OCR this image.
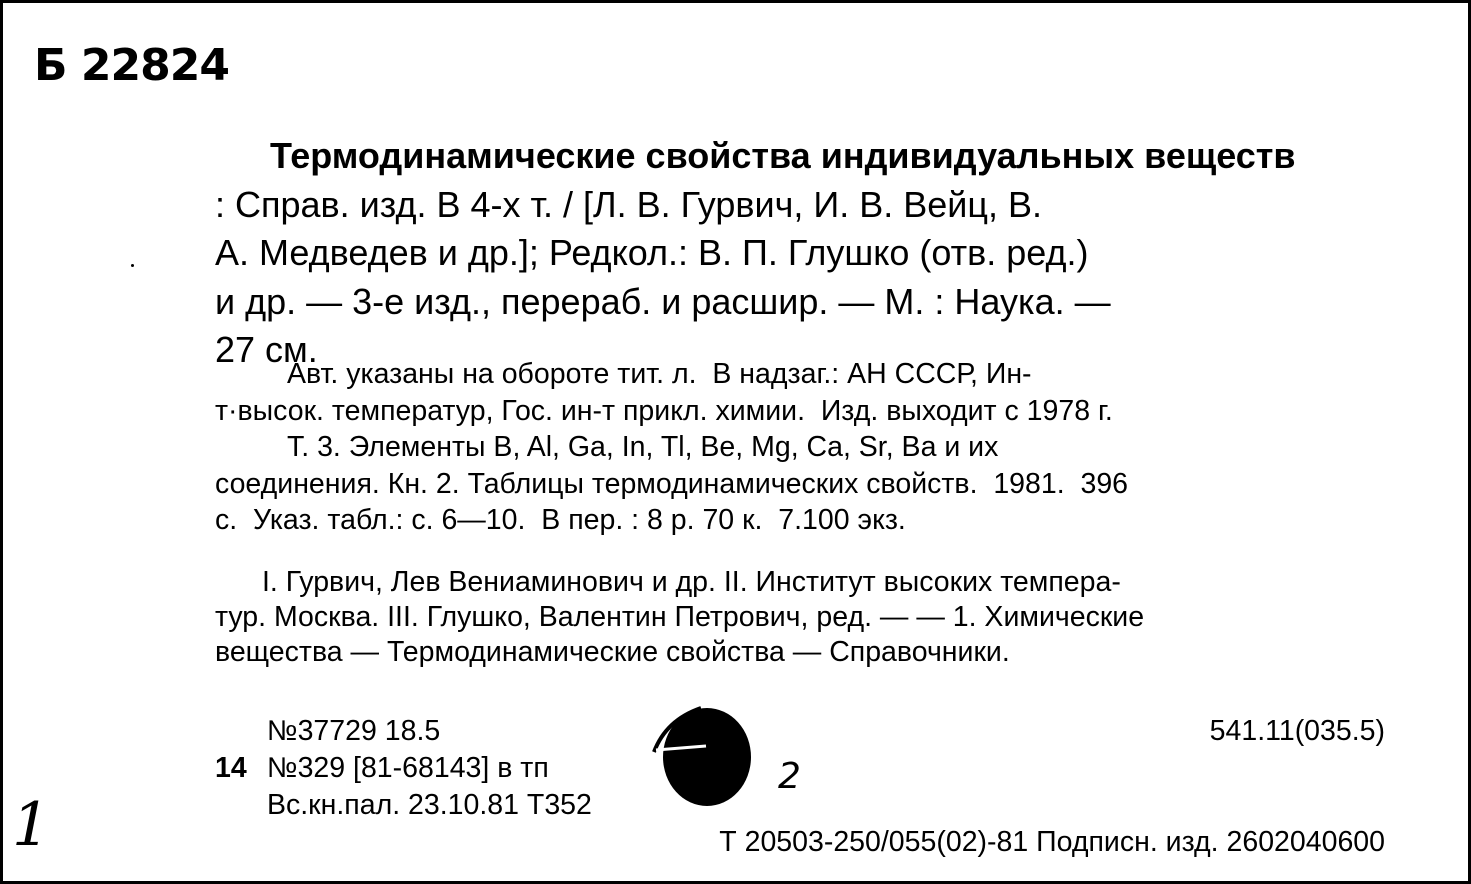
Б 22824
Термодинамические свойства индивидуальных веществ
: Справ. изд. В 4-х т. / [Л. В. Гурвич, И. В. Вейц, В.
А. Медведев и др.]; Редкол.: В. П. Глушко (отв. ред.)
и др. — 3-е изд., перераб. и расшир. — М. : Наука. —
27 см.
Авт. указаны на обороте тит. л.  В надзаг.: АН СССР, Ин-
т·высок. температур, Гос. ин-т прикл. химии.  Изд. выходит с 1978 г.
Т. 3. Элементы B, Al, Ga, In, Tl, Be, Mg, Ca, Sr, Ba и их
соединения. Кн. 2. Таблицы термодинамических свойств.  1981.  396
с.  Указ. табл.: с. 6—10.  В пер. : 8 р. 70 к.  7.100 экз.
I. Гурвич, Лев Вениаминович и др. II. Институт высоких темпера-
тур. Москва. III. Глушко, Валентин Петрович, ред. — — 1. Химические
вещества — Термодинамические свойства — Справочники.
№37729 18.5	541.11(035.5)
14 №329 [81-68143] в тп
Вс.кн.пал. 23.10.81 Т352
Т 20503-250/055(02)-81 Подписн. изд. 2602040600
2
1
